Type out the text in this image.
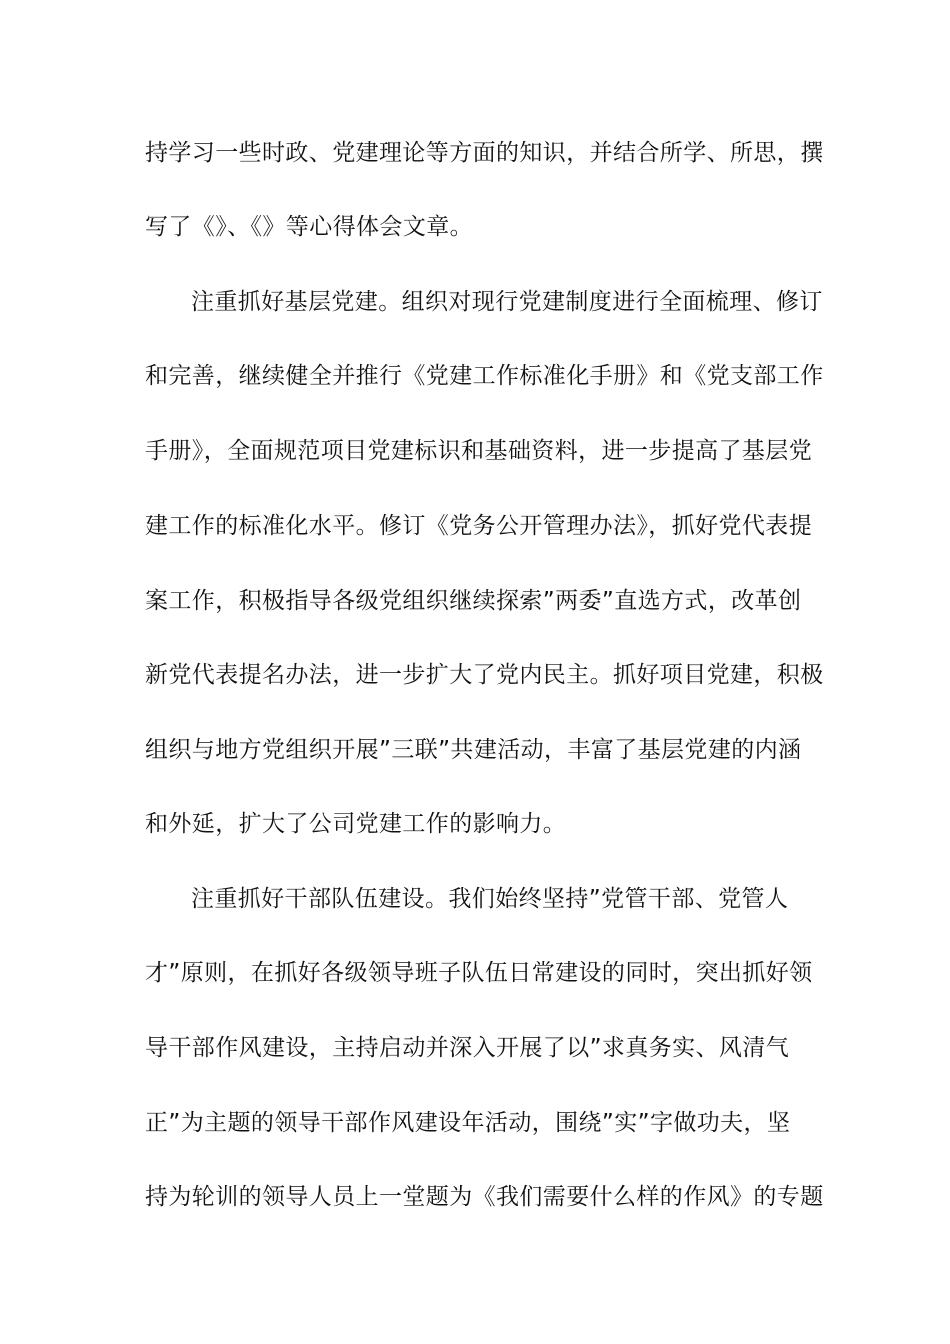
持学习一些时政、党建理论等方面的知识，并结合所学、所思，撰
写了《》、《》等心得体会文章。
注重抓好基层党建。组织对现行党建制度进行全面梳理、修订
和完善，继续健全并推行《党建工作标准化手册》和《党支部工作
手册》，全面规范项目党建标识和基础资料，进一步提高了基层党
建工作的标准化水平。修订《党务公开管理办法》，抓好党代表提
案工作，积极指导各级党组织继续探索”两委”直选方式，改革创
新党代表提名办法，进一步扩大了党内民主。抓好项目党建，积极
组织与地方党组织开展”三联”共建活动，丰富了基层党建的内涵
和外延，扩大了公司党建工作的影响力。
注重抓好干部队伍建设。我们始终坚持”党管干部、党管人
才”原则，在抓好各级领导班子队伍日常建设的同时，突出抓好领
导干部作风建设，主持启动并深入开展了以”求真务实、风清气
正”为主题的领导干部作风建设年活动，围绕”实”字做功夫，坚
持为轮训的领导人员上一堂题为《我们需要什么样的作风》的专题
